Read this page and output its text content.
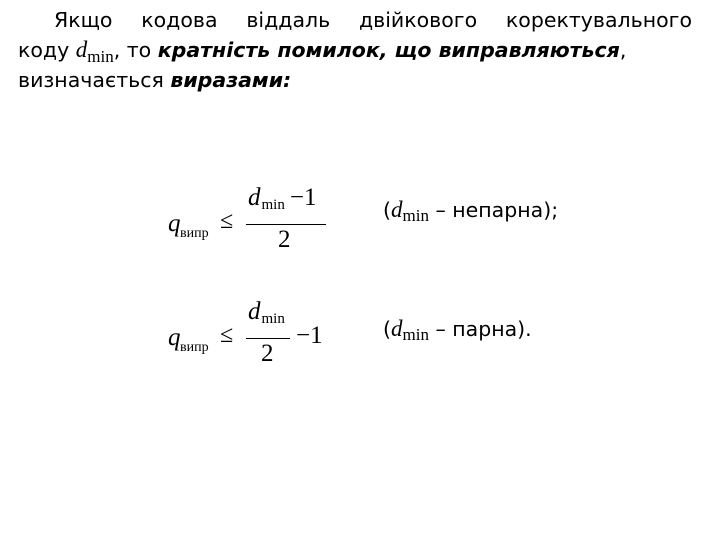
Якщо кодова віддаль двійкового коректувального
коду $d_{min}$, то кратність помилок, що виправляються,
визначається виразами:
q випр ≤
dmin −1
2
q випр ≤
dmin
2
−1
(dmin – непарна);
(dmin – парна).
